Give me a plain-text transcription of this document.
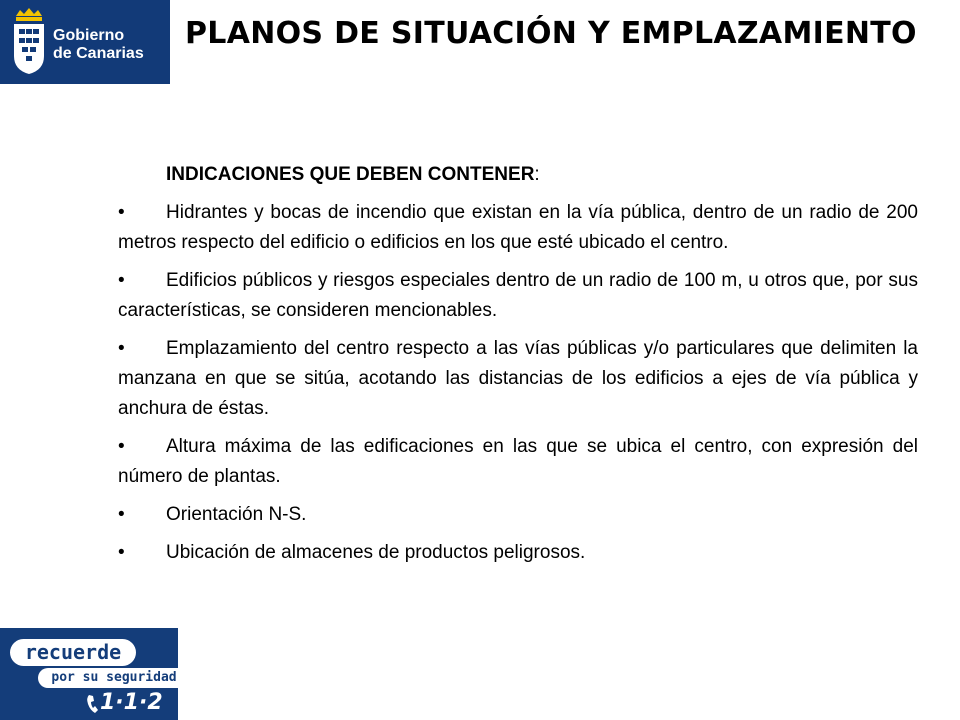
Gobierno
de Canarias
PLANOS DE SITUACIÓN Y EMPLAZAMIENTO

INDICACIONES QUE DEBEN CONTENER:

• Hidrantes y bocas de incendio que existan en la vía pública, dentro de un radio de 200 metros respecto del edificio o edificios en los que esté ubicado el centro.

• Edificios públicos y riesgos especiales dentro de un radio de 100 m, u otros que, por sus características, se consideren mencionables.

• Emplazamiento del centro respecto a las vías públicas y/o particulares que delimiten la manzana en que se sitúa, acotando las distancias de los edificios a ejes de vía pública y anchura de éstas.

• Altura máxima de las edificaciones en las que se ubica el centro, con expresión del número de plantas.

• Orientación N-S.

• Ubicación de almacenes de productos peligrosos.

recuerde
por su seguridad
1·1·2
